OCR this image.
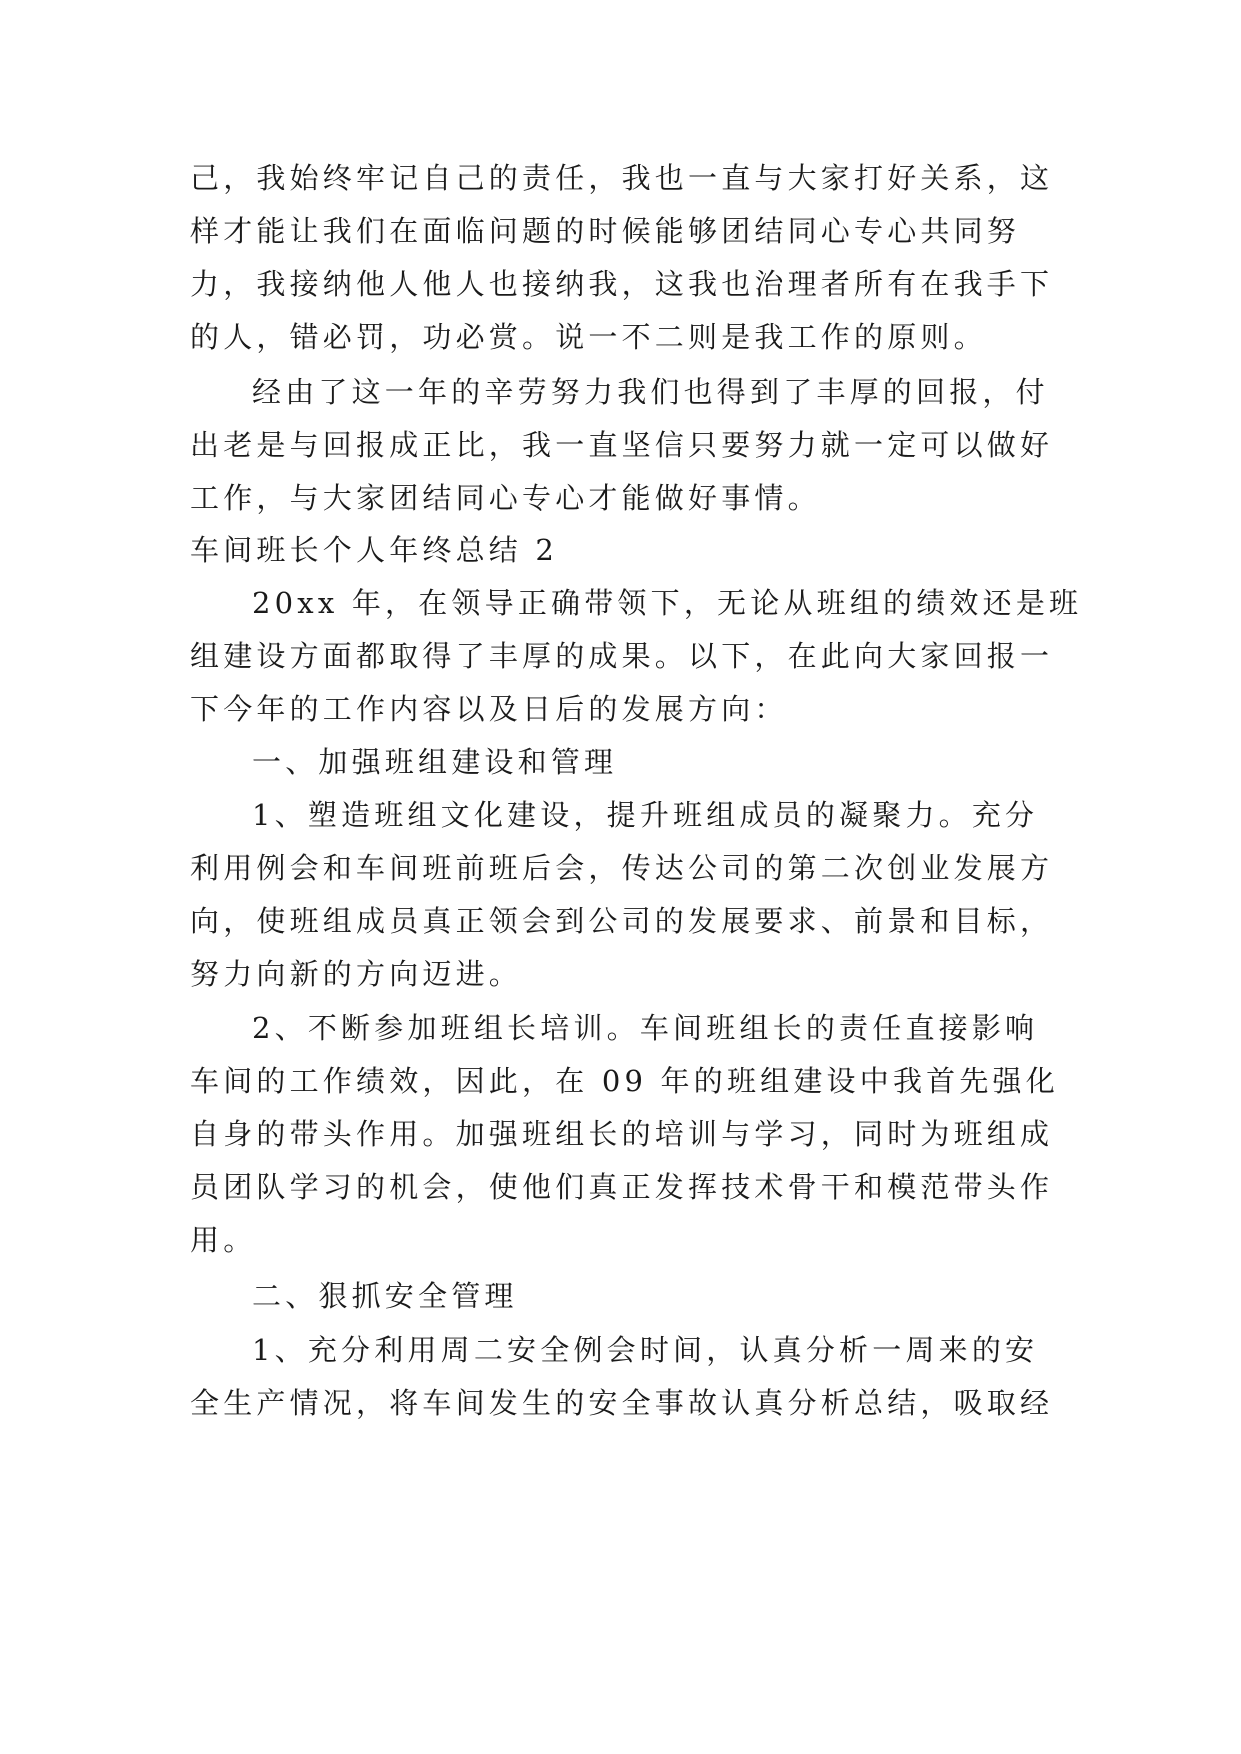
己，我始终牢记自己的责任，我也一直与大家打好关系，这
样才能让我们在面临问题的时候能够团结同心专心共同努
力，我接纳他人他人也接纳我，这我也治理者所有在我手下
的人，错必罚，功必赏。说一不二则是我工作的原则。
经由了这一年的辛劳努力我们也得到了丰厚的回报，付
出老是与回报成正比，我一直坚信只要努力就一定可以做好
工作，与大家团结同心专心才能做好事情。
车间班长个人年终总结 2
20xx 年，在领导正确带领下，无论从班组的绩效还是班
组建设方面都取得了丰厚的成果。以下，在此向大家回报一
下今年的工作内容以及日后的发展方向：
一、加强班组建设和管理
1、塑造班组文化建设，提升班组成员的凝聚力。充分
利用例会和车间班前班后会，传达公司的第二次创业发展方
向，使班组成员真正领会到公司的发展要求、前景和目标，
努力向新的方向迈进。
2、不断参加班组长培训。车间班组长的责任直接影响
车间的工作绩效，因此，在 09 年的班组建设中我首先强化
自身的带头作用。加强班组长的培训与学习，同时为班组成
员团队学习的机会，使他们真正发挥技术骨干和模范带头作
用。
二、狠抓安全管理
1、充分利用周二安全例会时间，认真分析一周来的安
全生产情况，将车间发生的安全事故认真分析总结，吸取经
